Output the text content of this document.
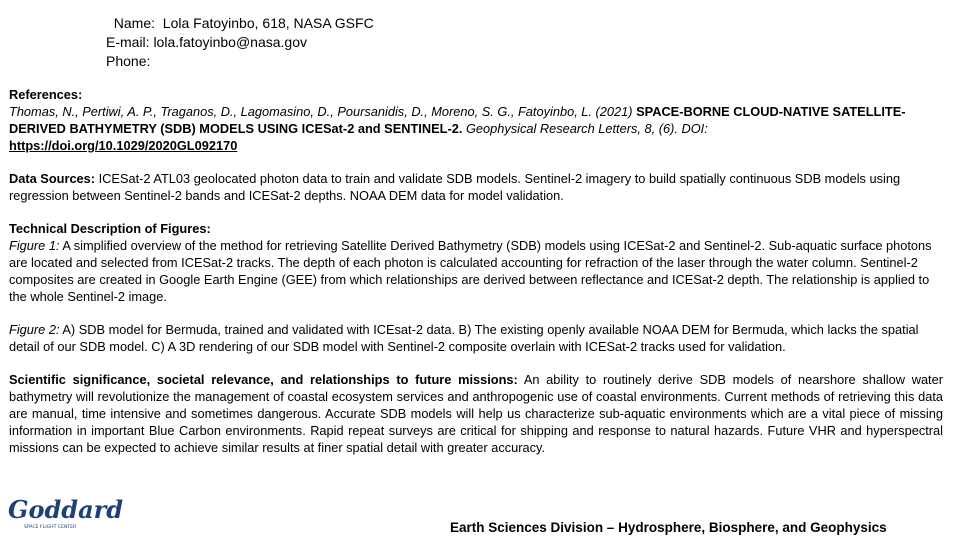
Name:  Lola Fatoyinbo, 618, NASA GSFC
E-mail: lola.fatoyinbo@nasa.gov
Phone:
References:
Thomas, N., Pertiwi, A. P., Traganos, D., Lagomasino, D., Poursanidis, D., Moreno, S. G., Fatoyinbo, L. (2021) SPACE-BORNE CLOUD-NATIVE SATELLITE-DERIVED BATHYMETRY (SDB) MODELS USING ICESat-2 and SENTINEL-2. Geophysical Research Letters, 8, (6). DOI:
https://doi.org/10.1029/2020GL092170
Data Sources: ICESat-2 ATL03 geolocated photon data to train and validate SDB models. Sentinel-2 imagery to build spatially continuous SDB models using regression between Sentinel-2 bands and ICESat-2 depths. NOAA DEM data for model validation.
Technical Description of Figures:
Figure 1: A simplified overview of the method for retrieving Satellite Derived Bathymetry (SDB) models using ICESat-2 and Sentinel-2. Sub-aquatic surface photons are located and selected from ICESat-2 tracks. The depth of each photon is calculated accounting for refraction of the laser through the water column. Sentinel-2 composites are created in Google Earth Engine (GEE) from which relationships are derived between reflectance and ICESat-2 depth. The relationship is applied to the whole Sentinel-2 image.
Figure 2: A) SDB model for Bermuda, trained and validated with ICEsat-2 data. B) The existing openly available NOAA DEM for Bermuda, which lacks the spatial detail of our SDB model. C) A 3D rendering of our SDB model with Sentinel-2 composite overlain with ICESat-2 tracks used for validation.
Scientific significance, societal relevance, and relationships to future missions: An ability to routinely derive SDB models of nearshore shallow water bathymetry will revolutionize the management of coastal ecosystem services and anthropogenic use of coastal environments. Current methods of retrieving this data are manual, time intensive and sometimes dangerous. Accurate SDB models will help us characterize sub-aquatic environments which are a vital piece of missing information in important Blue Carbon environments. Rapid repeat surveys are critical for shipping and response to natural hazards. Future VHR and hyperspectral missions can be expected to achieve similar results at finer spatial detail with greater accuracy.
Goddard
SPACE FLIGHT CENTER	Earth Sciences Division – Hydrosphere, Biosphere, and Geophysics
